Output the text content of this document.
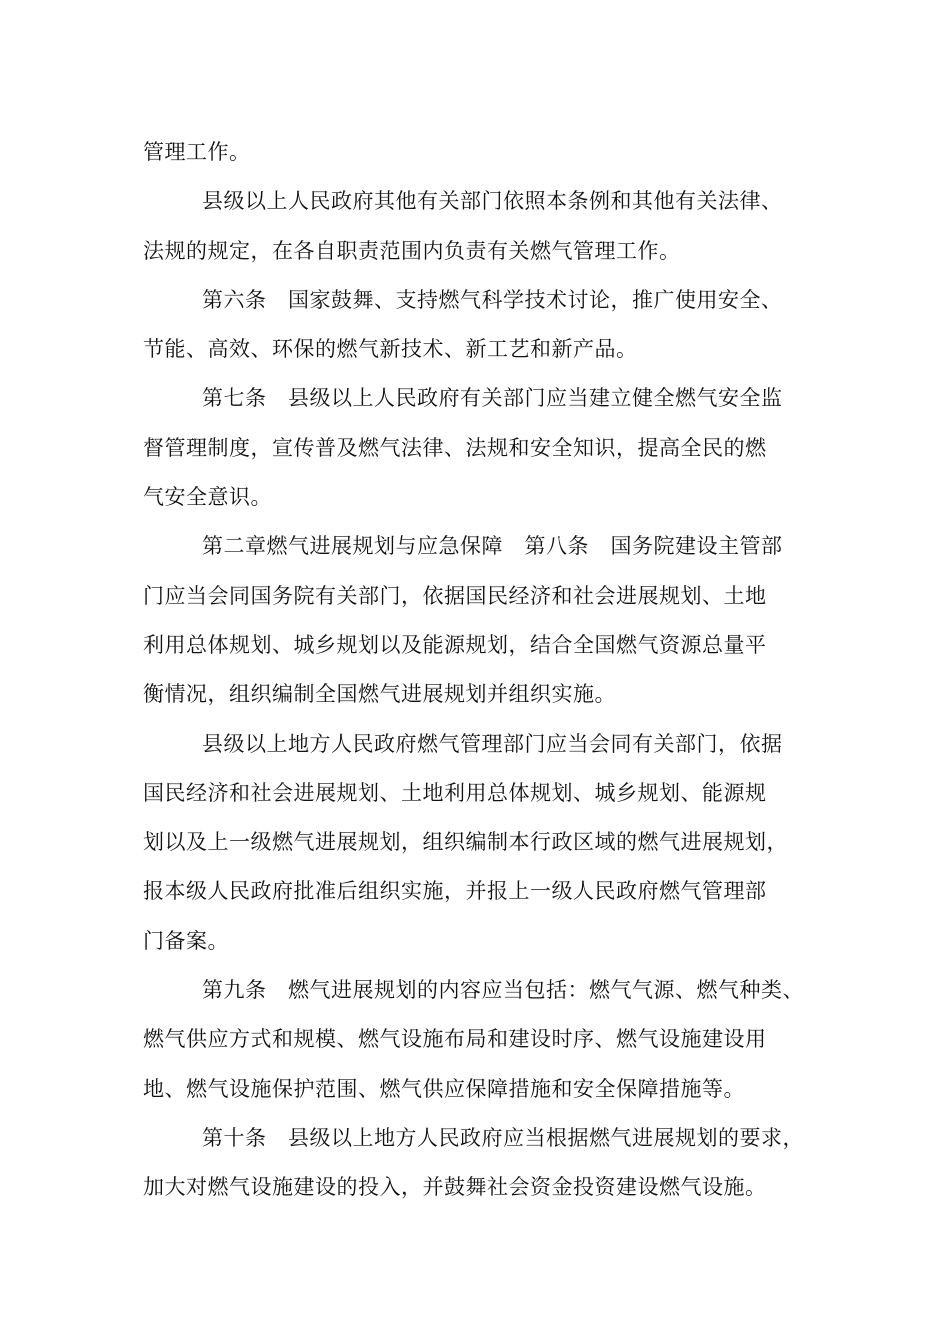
管理工作。
县级以上人民政府其他有关部门依照本条例和其他有关法律、
法规的规定，在各自职责范围内负责有关燃气管理工作。
第六条　国家鼓舞、支持燃气科学技术讨论，推广使用安全、
节能、高效、环保的燃气新技术、新工艺和新产品。
第七条　县级以上人民政府有关部门应当建立健全燃气安全监
督管理制度，宣传普及燃气法律、法规和安全知识，提高全民的燃
气安全意识。
第二章燃气进展规划与应急保障　第八条　国务院建设主管部
门应当会同国务院有关部门，依据国民经济和社会进展规划、土地
利用总体规划、城乡规划以及能源规划，结合全国燃气资源总量平
衡情况，组织编制全国燃气进展规划并组织实施。
县级以上地方人民政府燃气管理部门应当会同有关部门，依据
国民经济和社会进展规划、土地利用总体规划、城乡规划、能源规
划以及上一级燃气进展规划，组织编制本行政区域的燃气进展规划，
报本级人民政府批准后组织实施，并报上一级人民政府燃气管理部
门备案。
第九条　燃气进展规划的内容应当包括：燃气气源、燃气种类、
燃气供应方式和规模、燃气设施布局和建设时序、燃气设施建设用
地、燃气设施保护范围、燃气供应保障措施和安全保障措施等。
第十条　县级以上地方人民政府应当根据燃气进展规划的要求，
加大对燃气设施建设的投入，并鼓舞社会资金投资建设燃气设施。
